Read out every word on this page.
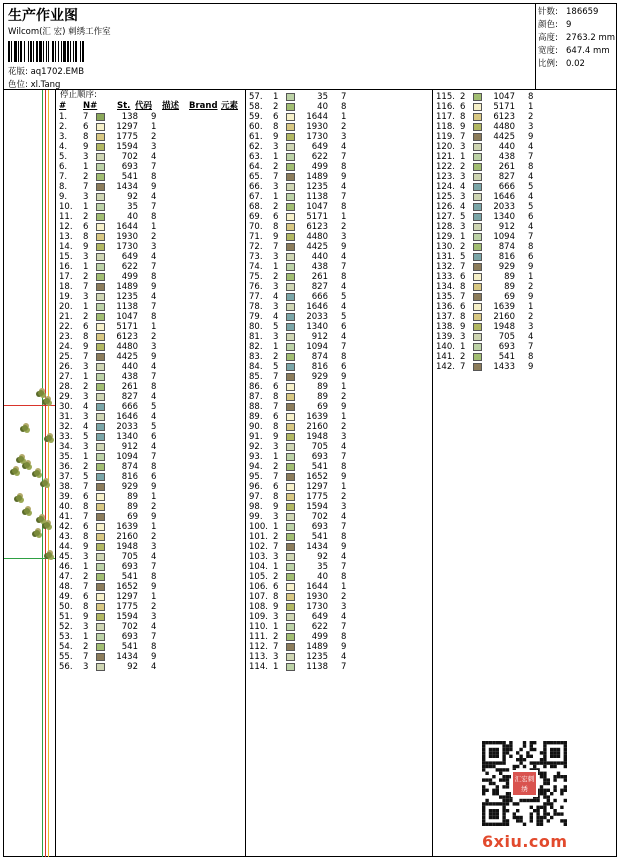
生产作业图
Wilcom(汇 宏) 刺绣工作室
花版: aq1702.EMB
色位: xl.Tang
针数: 186659
颜色: 9
高度: 2763.2 mm
宽度: 647.4 mm
比例: 0.02
停止顺序:
# N# St. 代码 描述 Brand 元素
1.	7	138 9
2.	6	1297 1
3.	8	1775 2
4.	9	1594 3
5.	3	702 4
6.	1	693 7
7.	2	541 8
8.	7	1434 9
9.	3	92 4
10.	1	35 7
11.	2	40 8
12.	6	1644 1
13.	8	1930 2
14.	9	1730 3
15.	3	649 4
16.	1	622 7
17.	2	499 8
18.	7	1489 9
19.	3	1235 4
20.	1	1138 7
21.	2	1047 8
22.	6	5171 1
23.	8	6123 2
24.	9	4480 3
25.	7	4425 9
26.	3	440 4
27.	1	438 7
28.	2	261 8
29.	3	827 4
30.	4	666 5
31.	3	1646 4
32.	4	2033 5
33.	5	1340 6
34.	3	912 4
35.	1	1094 7
36.	2	874 8
37.	5	816 6
38.	7	929 9
39.	6	89 1
40.	8	89 2
41.	7	69 9
42.	6	1639 1
43.	8	2160 2
44.	9	1948 3
45.	3	705 4
46.	1	693 7
47.	2	541 8
48.	7	1652 9
49.	6	1297 1
50.	8	1775 2
51.	9	1594 3
52.	3	702 4
53.	1	693 7
54.	2	541 8
55.	7	1434 9
56.	3	92 4
57.	1	35 7
58.	2	40 8
59.	6	1644 1
60.	8	1930 2
61.	9	1730 3
62.	3	649 4
63.	1	622 7
64.	2	499 8
65.	7	1489 9
66.	3	1235 4
67.	1	1138 7
68.	2	1047 8
69.	6	5171 1
70.	8	6123 2
71.	9	4480 3
72.	7	4425 9
73.	3	440 4
74.	1	438 7
75.	2	261 8
76.	3	827 4
77.	4	666 5
78.	3	1646 4
79.	4	2033 5
80.	5	1340 6
81.	3	912 4
82.	1	1094 7
83.	2	874 8
84.	5	816 6
85.	7	929 9
86.	6	89 1
87.	8	89 2
88.	7	69 9
89.	6	1639 1
90.	8	2160 2
91.	9	1948 3
92.	3	705 4
93.	1	693 7
94.	2	541 8
95.	7	1652 9
96.	6	1297 1
97.	8	1775 2
98.	9	1594 3
99.	3	702 4
100. 1	693 7
101. 2	541 8
102. 7	1434 9
103. 3	92 4
104. 1	35 7
105. 2	40 8
106. 6	1644 1
107. 8	1930 2
108. 9	1730 3
109. 3	649 4
110. 1	622 7
111. 2	499 8
112. 7	1489 9
113. 3	1235 4
114. 1	1138 7
115. 2	1047 8
116. 6	5171 1
117. 8	6123 2
118. 9	4480 3
119. 7	4425 9
120. 3	440 4
121. 1	438 7
122. 2	261 8
123. 3	827 4
124. 4	666 5
125. 3	1646 4
126. 4	2033 5
127. 5	1340 6
128. 3	912 4
129. 1	1094 7
130. 2	874 8
131. 5	816 6
132. 7	929 9
133. 6	89 1
134. 8	89 2
135. 7	69 9
136. 6	1639 1
137. 8	2160 2
138. 9	1948 3
139. 3	705 4
140. 1	693 7
141. 2	541 8
142. 7	1433 9
汇宏刺绣
6xiu.com
